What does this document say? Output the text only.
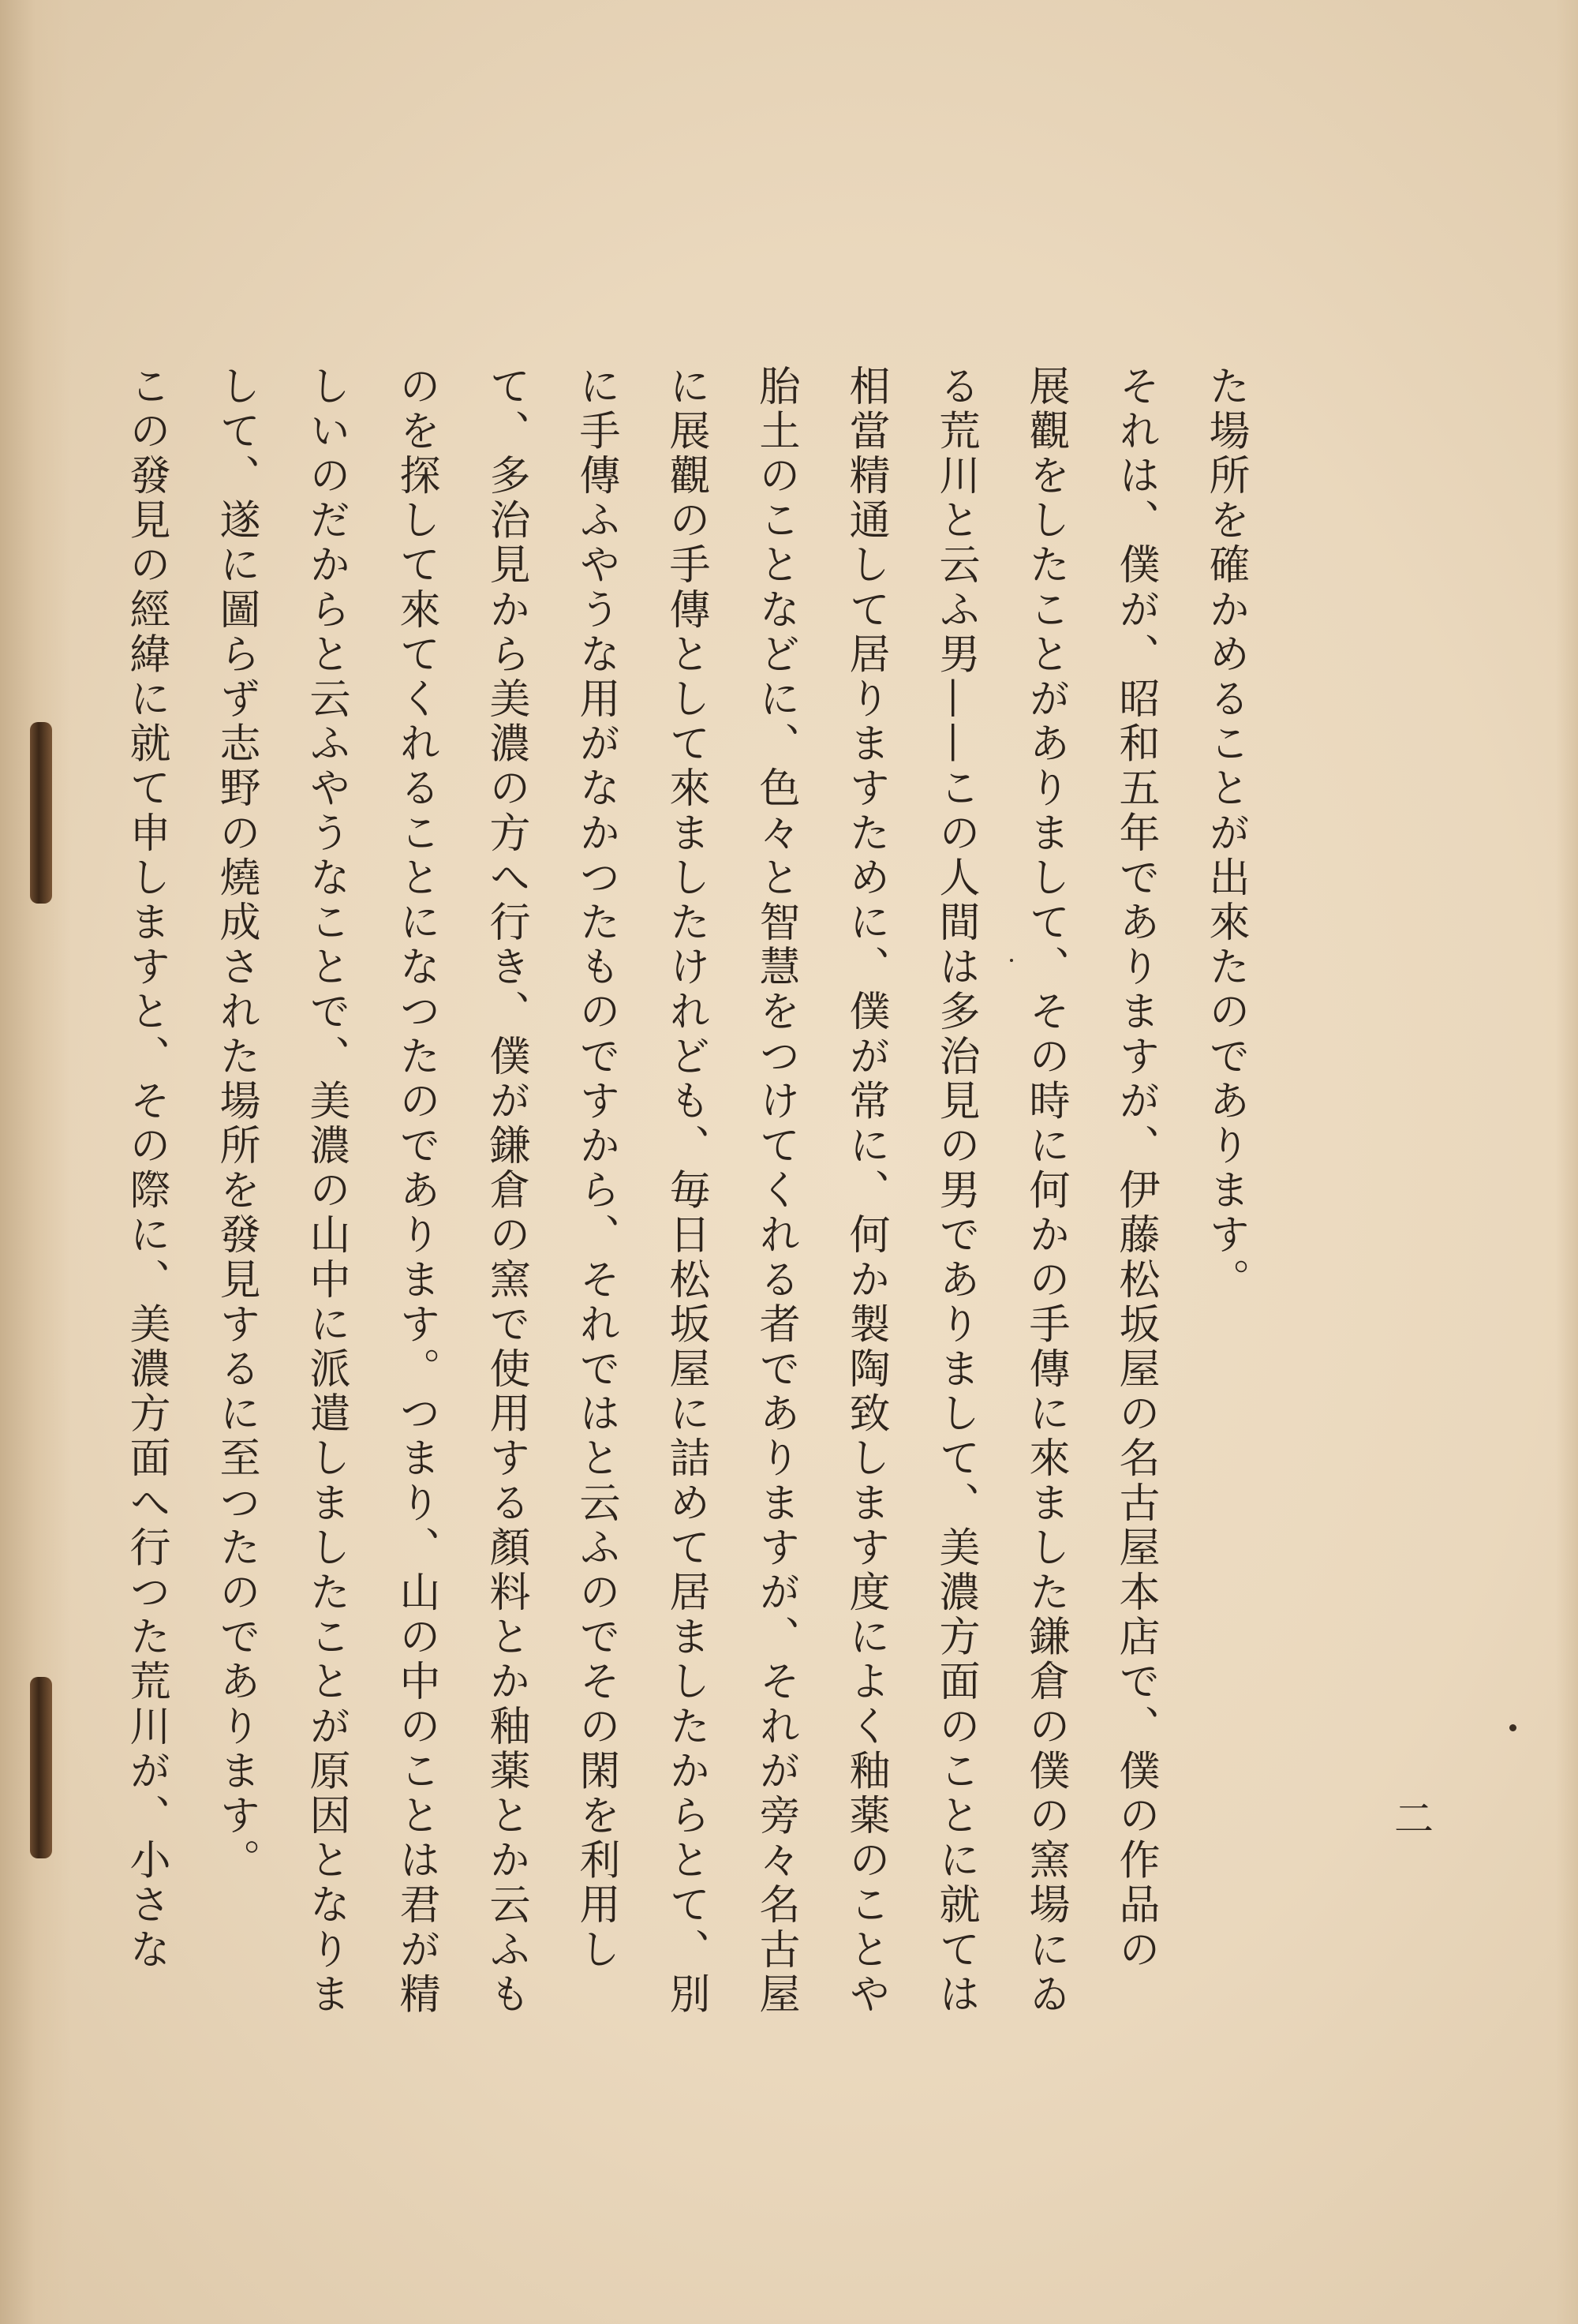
た場所を確かめることが出來たのであります。
それは、僕が、昭和五年でありますが、伊藤松坂屋の名古屋本店で、僕の作品の
展觀をしたことがありまして、その時に何かの手傳に來ました鎌倉の僕の窯場にゐ
る荒川と云ふ男——この人間は多治見の男でありまして、美濃方面のことに就ては
相當精通して居りますために、僕が常に、何か製陶致します度によく釉薬のことや
胎土のことなどに、色々と智慧をつけてくれる者でありますが、それが旁々名古屋
に展觀の手傳として來ましたけれども、毎日松坂屋に詰めて居ましたからとて、別
に手傳ふやうな用がなかつたものですから、それではと云ふのでその閑を利用し
て、多治見から美濃の方へ行き、僕が鎌倉の窯で使用する顏料とか釉薬とか云ふも
のを探して來てくれることになつたのであります。つまり、山の中のことは君が精
しいのだからと云ふやうなことで、美濃の山中に派遣しましたことが原因となりま
して、遂に圖らず志野の燒成された場所を發見するに至つたのであります。
この發見の經緯に就て申しますと、その際に、美濃方面へ行つた荒川が、小さな	二
